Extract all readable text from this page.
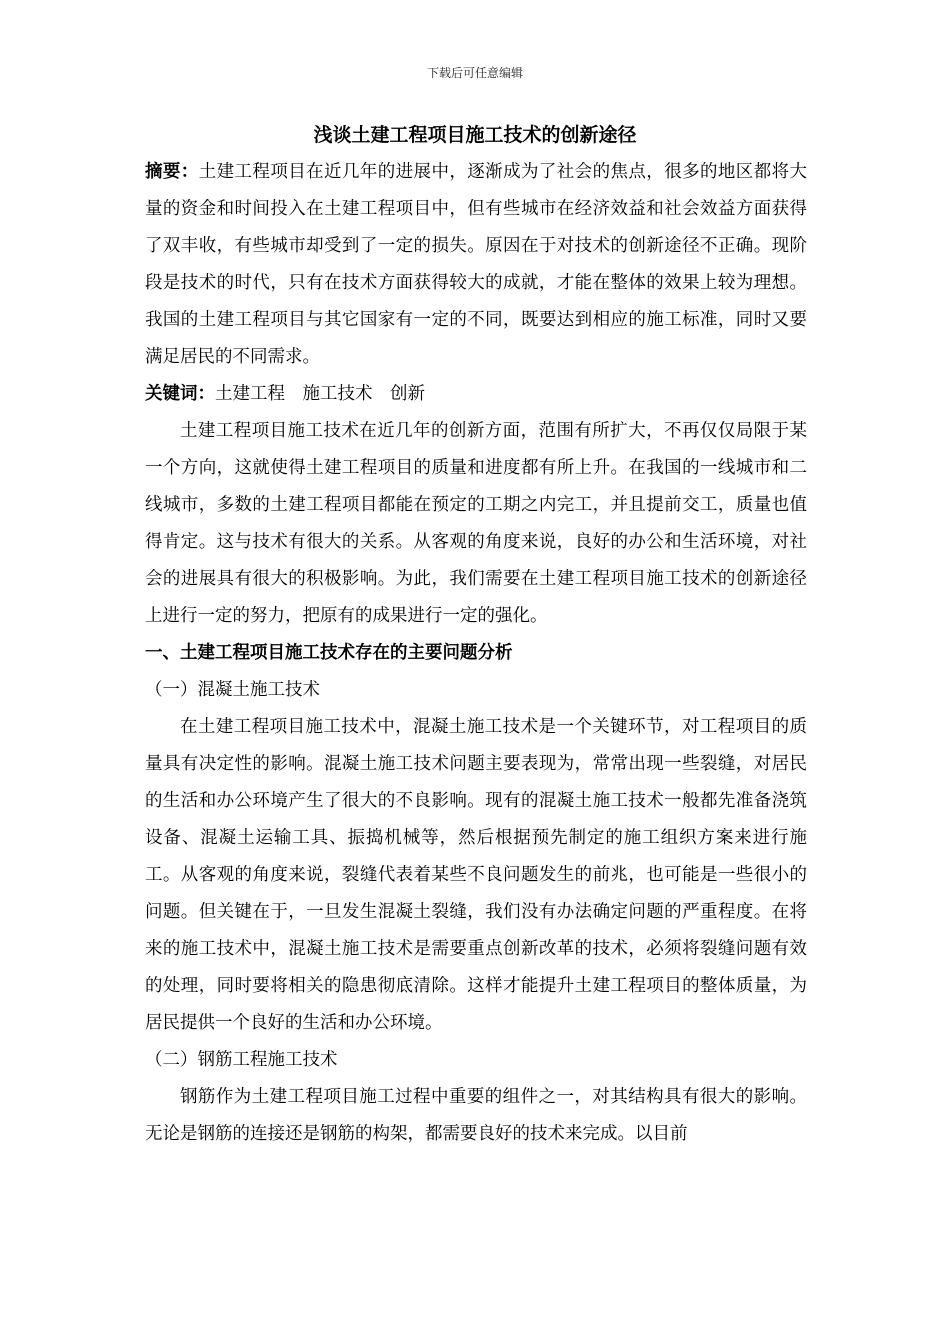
下载后可任意编辑
浅谈土建工程项目施工技术的创新途径

摘要：土建工程项目在近几年的进展中，逐渐成为了社会的焦点，很多的地区都将大量的资金和时间投入在土建工程项目中，但有些城市在经济效益和社会效益方面获得了双丰收，有些城市却受到了一定的损失。原因在于对技术的创新途径不正确。现阶段是技术的时代，只有在技术方面获得较大的成就，才能在整体的效果上较为理想。我国的土建工程项目与其它国家有一定的不同，既要达到相应的施工标准，同时又要满足居民的不同需求。

关键词：土建工程 施工技术 创新

土建工程项目施工技术在近几年的创新方面，范围有所扩大，不再仅仅局限于某一个方向，这就使得土建工程项目的质量和进度都有所上升。在我国的一线城市和二线城市，多数的土建工程项目都能在预定的工期之内完工，并且提前交工，质量也值得肯定。这与技术有很大的关系。从客观的角度来说，良好的办公和生活环境，对社会的进展具有很大的积极影响。为此，我们需要在土建工程项目施工技术的创新途径上进行一定的努力，把原有的成果进行一定的强化。

一、土建工程项目施工技术存在的主要问题分析

（一）混凝土施工技术

在土建工程项目施工技术中，混凝土施工技术是一个关键环节，对工程项目的质量具有决定性的影响。混凝土施工技术问题主要表现为，常常出现一些裂缝，对居民的生活和办公环境产生了很大的不良影响。现有的混凝土施工技术一般都先准备浇筑设备、混凝土运输工具、振捣机械等，然后根据预先制定的施工组织方案来进行施工。从客观的角度来说，裂缝代表着某些不良问题发生的前兆，也可能是一些很小的问题。但关键在于，一旦发生混凝土裂缝，我们没有办法确定问题的严重程度。在将来的施工技术中，混凝土施工技术是需要重点创新改革的技术，必须将裂缝问题有效的处理，同时要将相关的隐患彻底清除。这样才能提升土建工程项目的整体质量，为居民提供一个良好的生活和办公环境。

（二）钢筋工程施工技术

钢筋作为土建工程项目施工过程中重要的组件之一，对其结构具有很大的影响。无论是钢筋的连接还是钢筋的构架，都需要良好的技术来完成。以目前
